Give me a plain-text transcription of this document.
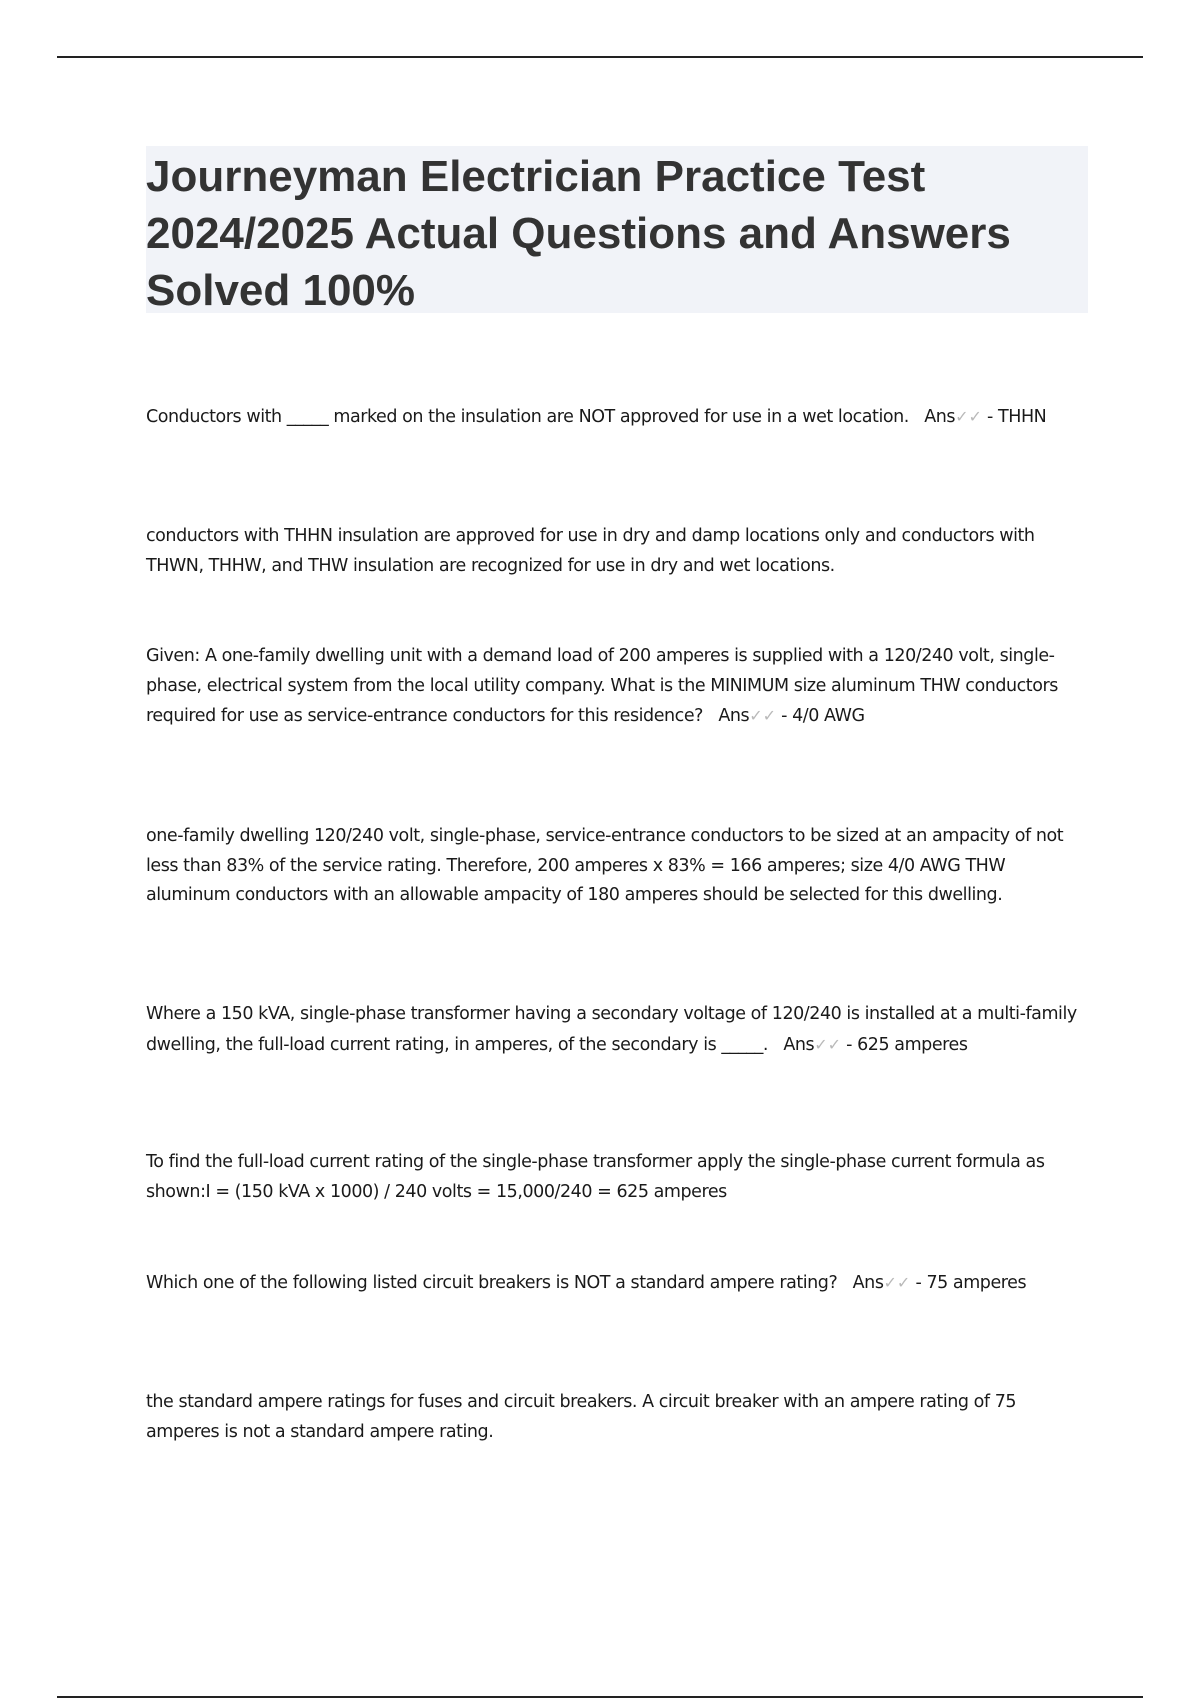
Journeyman Electrician Practice Test 2024/2025 Actual Questions and Answers Solved 100%
Conductors with _____ marked on the insulation are NOT approved for use in a wet location. Ans✓✓ - THHN
conductors with THHN insulation are approved for use in dry and damp locations only and conductors with THWN, THHW, and THW insulation are recognized for use in dry and wet locations.
Given: A one-family dwelling unit with a demand load of 200 amperes is supplied with a 120/240 volt, single-phase, electrical system from the local utility company. What is the MINIMUM size aluminum THW conductors required for use as service-entrance conductors for this residence? Ans✓✓ - 4/0 AWG
one-family dwelling 120/240 volt, single-phase, service-entrance conductors to be sized at an ampacity of not less than 83% of the service rating. Therefore, 200 amperes x 83% = 166 amperes; size 4/0 AWG THW aluminum conductors with an allowable ampacity of 180 amperes should be selected for this dwelling.
Where a 150 kVA, single-phase transformer having a secondary voltage of 120/240 is installed at a multi-family dwelling, the full-load current rating, in amperes, of the secondary is _____. Ans✓✓ - 625 amperes
To find the full-load current rating of the single-phase transformer apply the single-phase current formula as shown:I = (150 kVA x 1000) / 240 volts = 15,000/240 = 625 amperes
Which one of the following listed circuit breakers is NOT a standard ampere rating? Ans✓✓ - 75 amperes
the standard ampere ratings for fuses and circuit breakers. A circuit breaker with an ampere rating of 75 amperes is not a standard ampere rating.
